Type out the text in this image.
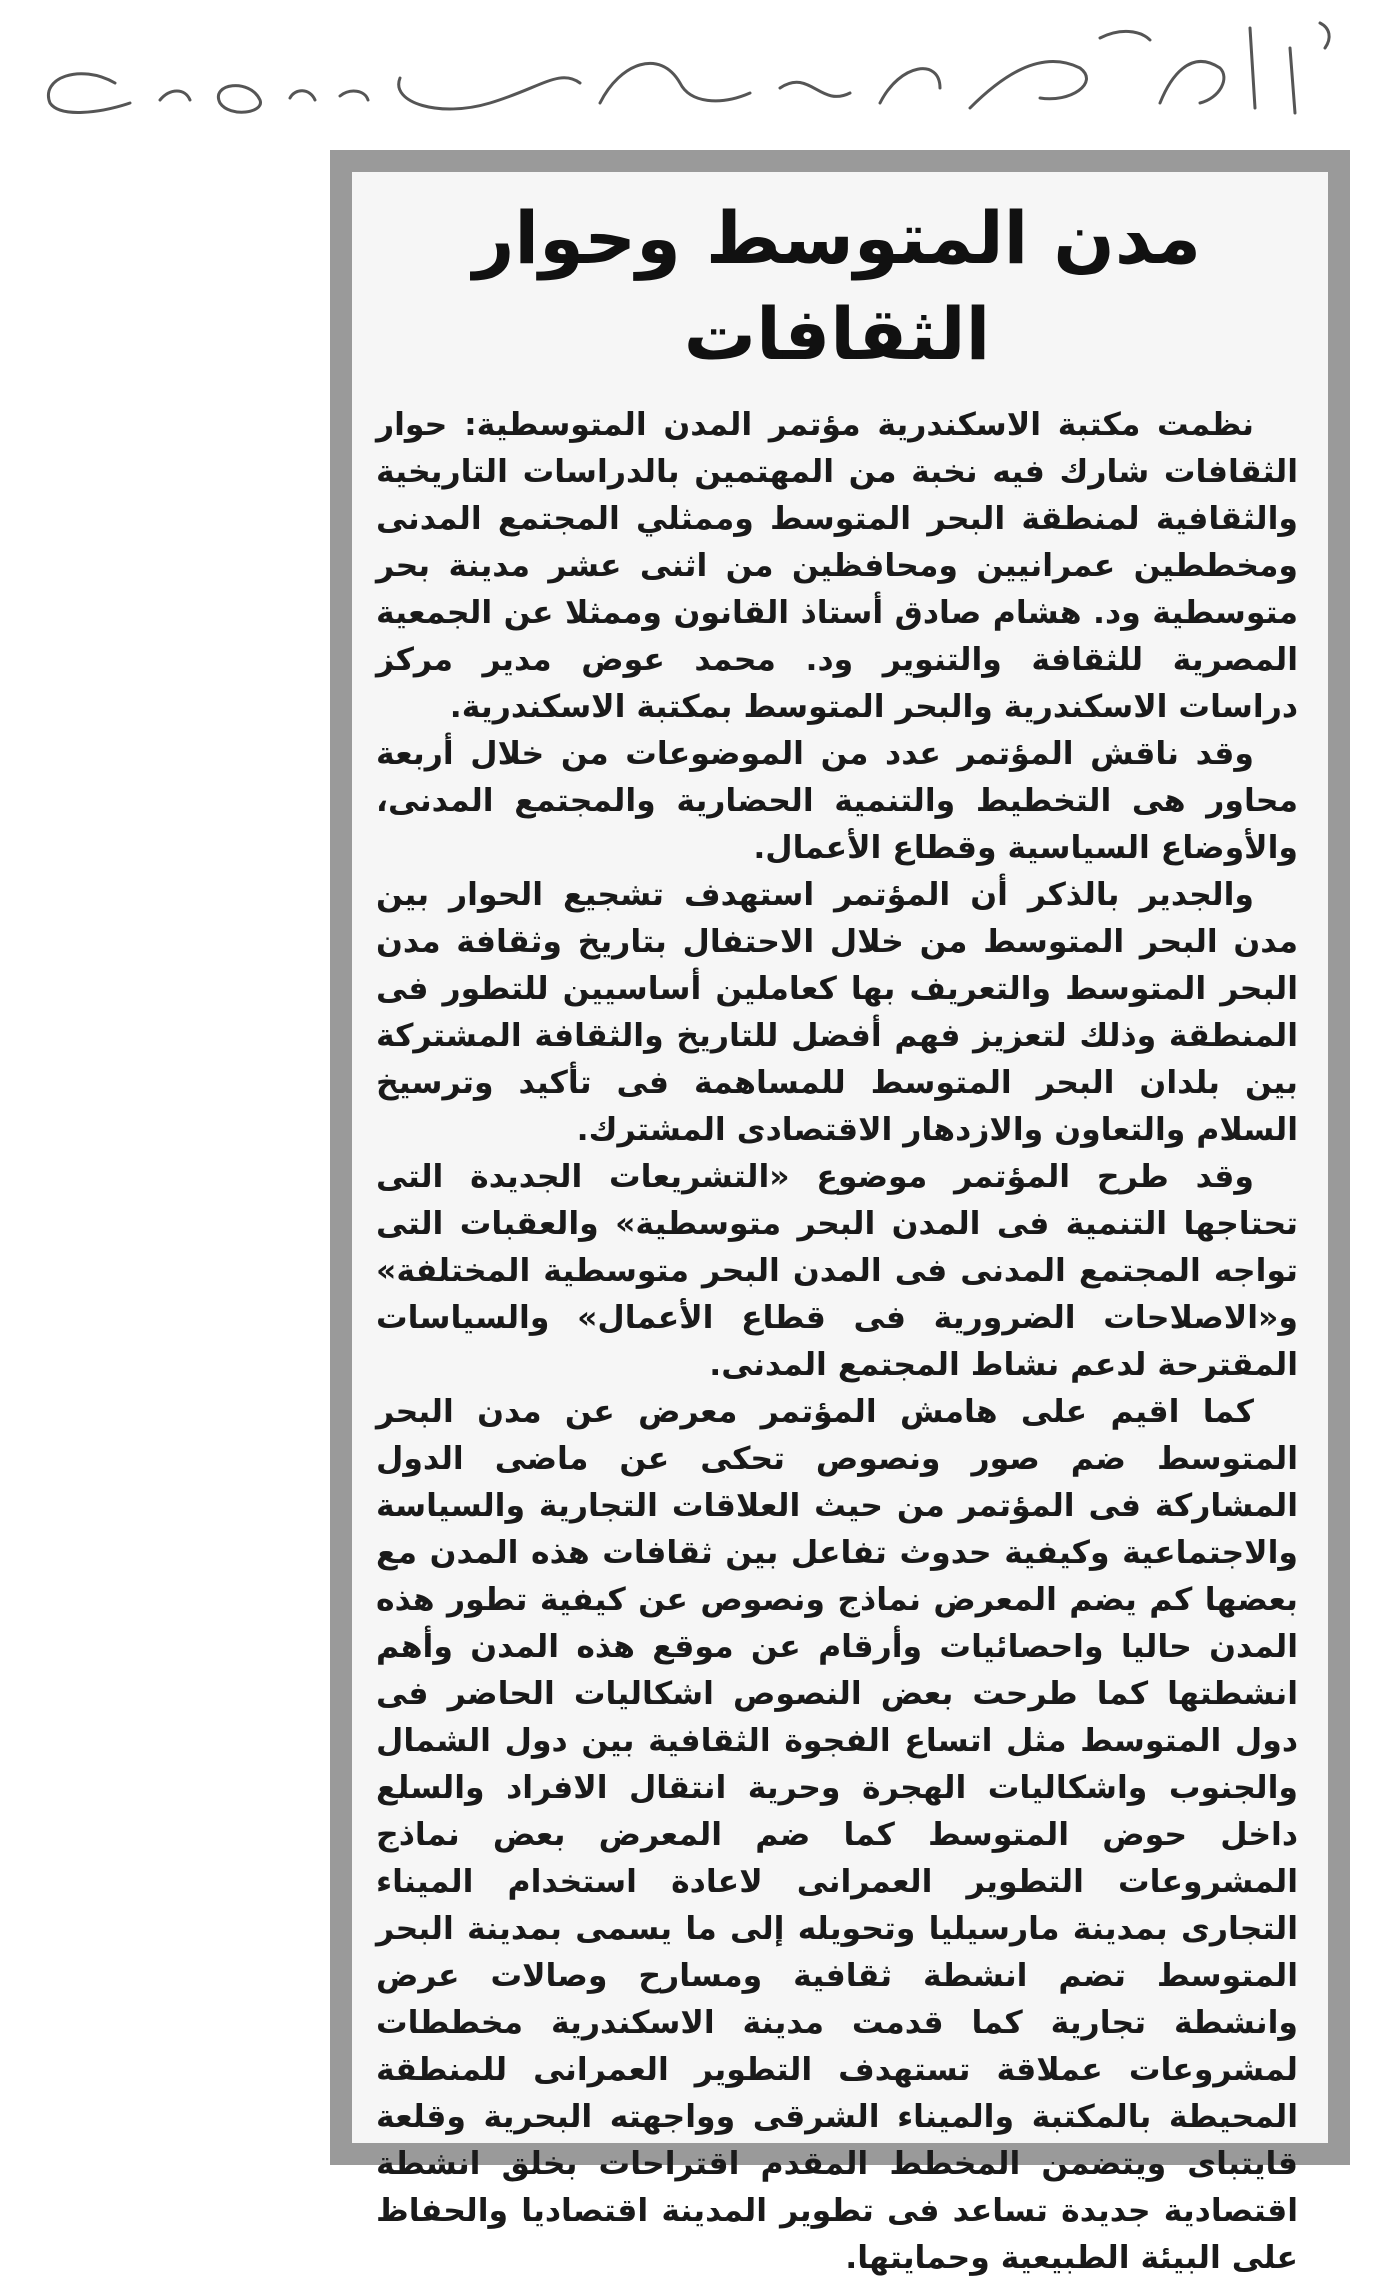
الأهرام ١٤ مارس ٢٠٠٥
مدن المتوسط وحوار الثقافات

نظمت مكتبة الاسكندرية مؤتمر المدن المتوسطية: حوار الثقافات شارك فيه نخبة من المهتمين بالدراسات التاريخية والثقافية لمنطقة البحر المتوسط وممثلي المجتمع المدنى ومخططين عمرانيين ومحافظين من اثنى عشر مدينة بحر متوسطية ود. هشام صادق أستاذ القانون وممثلا عن الجمعية المصرية للثقافة والتنوير ود. محمد عوض مدير مركز دراسات الاسكندرية والبحر المتوسط بمكتبة الاسكندرية.

وقد ناقش المؤتمر عدد من الموضوعات من خلال أربعة محاور هى التخطيط والتنمية الحضارية والمجتمع المدنى، والأوضاع السياسية وقطاع الأعمال.

والجدير بالذكر أن المؤتمر استهدف تشجيع الحوار بين مدن البحر المتوسط من خلال الاحتفال بتاريخ وثقافة مدن البحر المتوسط والتعريف بها كعاملين أساسيين للتطور فى المنطقة وذلك لتعزيز فهم أفضل للتاريخ والثقافة المشتركة بين بلدان البحر المتوسط للمساهمة فى تأكيد وترسيخ السلام والتعاون والازدهار الاقتصادى المشترك.

وقد طرح المؤتمر موضوع «التشريعات الجديدة التى تحتاجها التنمية فى المدن البحر متوسطية» والعقبات التى تواجه المجتمع المدنى فى المدن البحر متوسطية المختلفة» و«الاصلاحات الضرورية فى قطاع الأعمال» والسياسات المقترحة لدعم نشاط المجتمع المدنى.

كما اقيم على هامش المؤتمر معرض عن مدن البحر المتوسط ضم صور ونصوص تحكى عن ماضى الدول المشاركة فى المؤتمر من حيث العلاقات التجارية والسياسة والاجتماعية وكيفية حدوث تفاعل بين ثقافات هذه المدن مع بعضها كم يضم المعرض نماذج ونصوص عن كيفية تطور هذه المدن حاليا واحصائيات وأرقام عن موقع هذه المدن وأهم انشطتها كما طرحت بعض النصوص اشكاليات الحاضر فى دول المتوسط مثل اتساع الفجوة الثقافية بين دول الشمال والجنوب واشكاليات الهجرة وحرية انتقال الافراد والسلع داخل حوض المتوسط كما ضم المعرض بعض نماذج المشروعات التطوير العمرانى لاعادة استخدام الميناء التجارى بمدينة مارسيليا وتحويله إلى ما يسمى بمدينة البحر المتوسط تضم انشطة ثقافية ومسارح وصالات عرض وانشطة تجارية كما قدمت مدينة الاسكندرية مخططات لمشروعات عملاقة تستهدف التطوير العمرانى للمنطقة المحيطة بالمكتبة والميناء الشرقى وواجهته البحرية وقلعة قايتباى ويتضمن المخطط المقدم اقتراحات بخلق انشطة اقتصادية جديدة تساعد فى تطوير المدينة اقتصاديا والحفاظ على البيئة الطبيعية وحمايتها.
